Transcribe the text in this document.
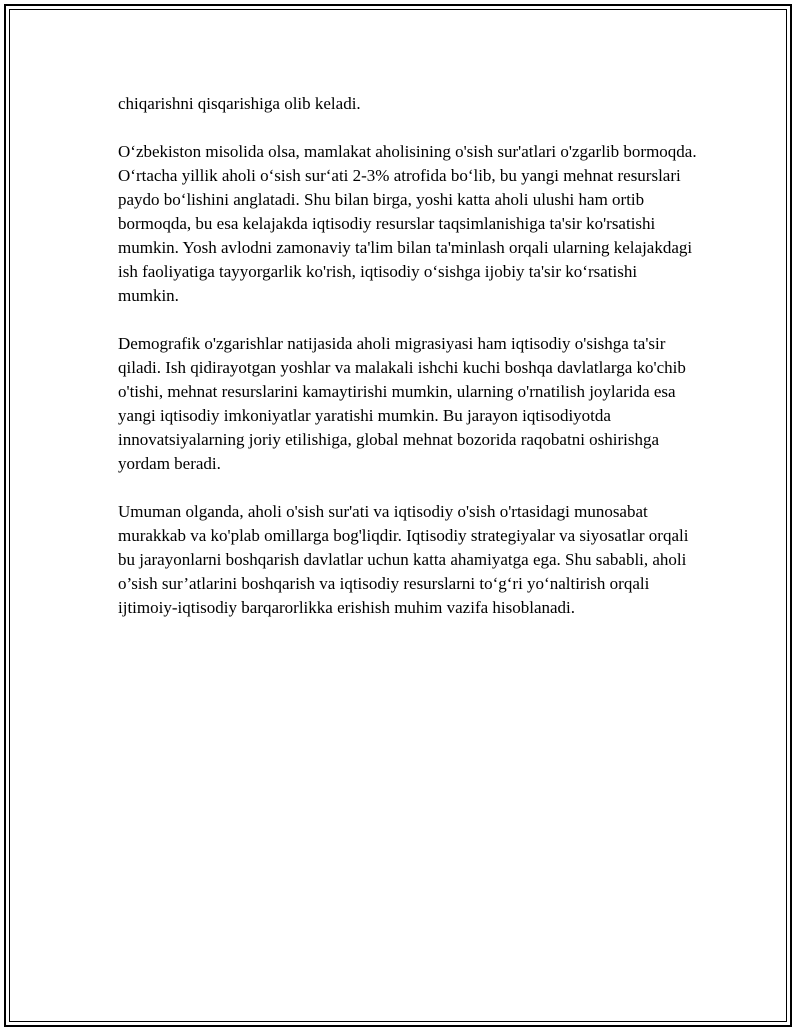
chiqarishni qisqarishiga olib keladi.

O‘zbekiston misolida olsa, mamlakat aholisining o'sish sur'atlari o'zgarlib bormoqda. O‘rtacha yillik aholi o‘sish sur‘ati 2-3% atrofida bo‘lib, bu yangi mehnat resurslari paydo bo‘lishini anglatadi. Shu bilan birga, yoshi katta aholi ulushi ham ortib bormoqda, bu esa kelajakda iqtisodiy resurslar taqsimlanishiga ta'sir ko'rsatishi mumkin. Yosh avlodni zamonaviy ta'lim bilan ta'minlash orqali ularning kelajakdagi ish faoliyatiga tayyorgarlik ko'rish, iqtisodiy o‘sishga ijobiy ta'sir ko‘rsatishi mumkin.

Demografik o'zgarishlar natijasida aholi migrasiyasi ham iqtisodiy o'sishga ta'sir qiladi. Ish qidirayotgan yoshlar va malakali ishchi kuchi boshqa davlatlarga ko'chib o'tishi, mehnat resurslarini kamaytirishi mumkin, ularning o'rnatilish joylarida esa yangi iqtisodiy imkoniyatlar yaratishi mumkin. Bu jarayon iqtisodiyotda innovatsiyalarning joriy etilishiga, global mehnat bozorida raqobatni oshirishga yordam beradi.

Umuman olganda, aholi o'sish sur'ati va iqtisodiy o'sish o'rtasidagi munosabat murakkab va ko'plab omillarga bog'liqdir. Iqtisodiy strategiyalar va siyosatlar orqali bu jarayonlarni boshqarish davlatlar uchun katta ahamiyatga ega. Shu sababli, aholi o’sish sur’atlarini boshqarish va iqtisodiy resurslarni to‘g‘ri yo‘naltirish orqali ijtimoiy-iqtisodiy barqarorlikka erishish muhim vazifa hisoblanadi.
